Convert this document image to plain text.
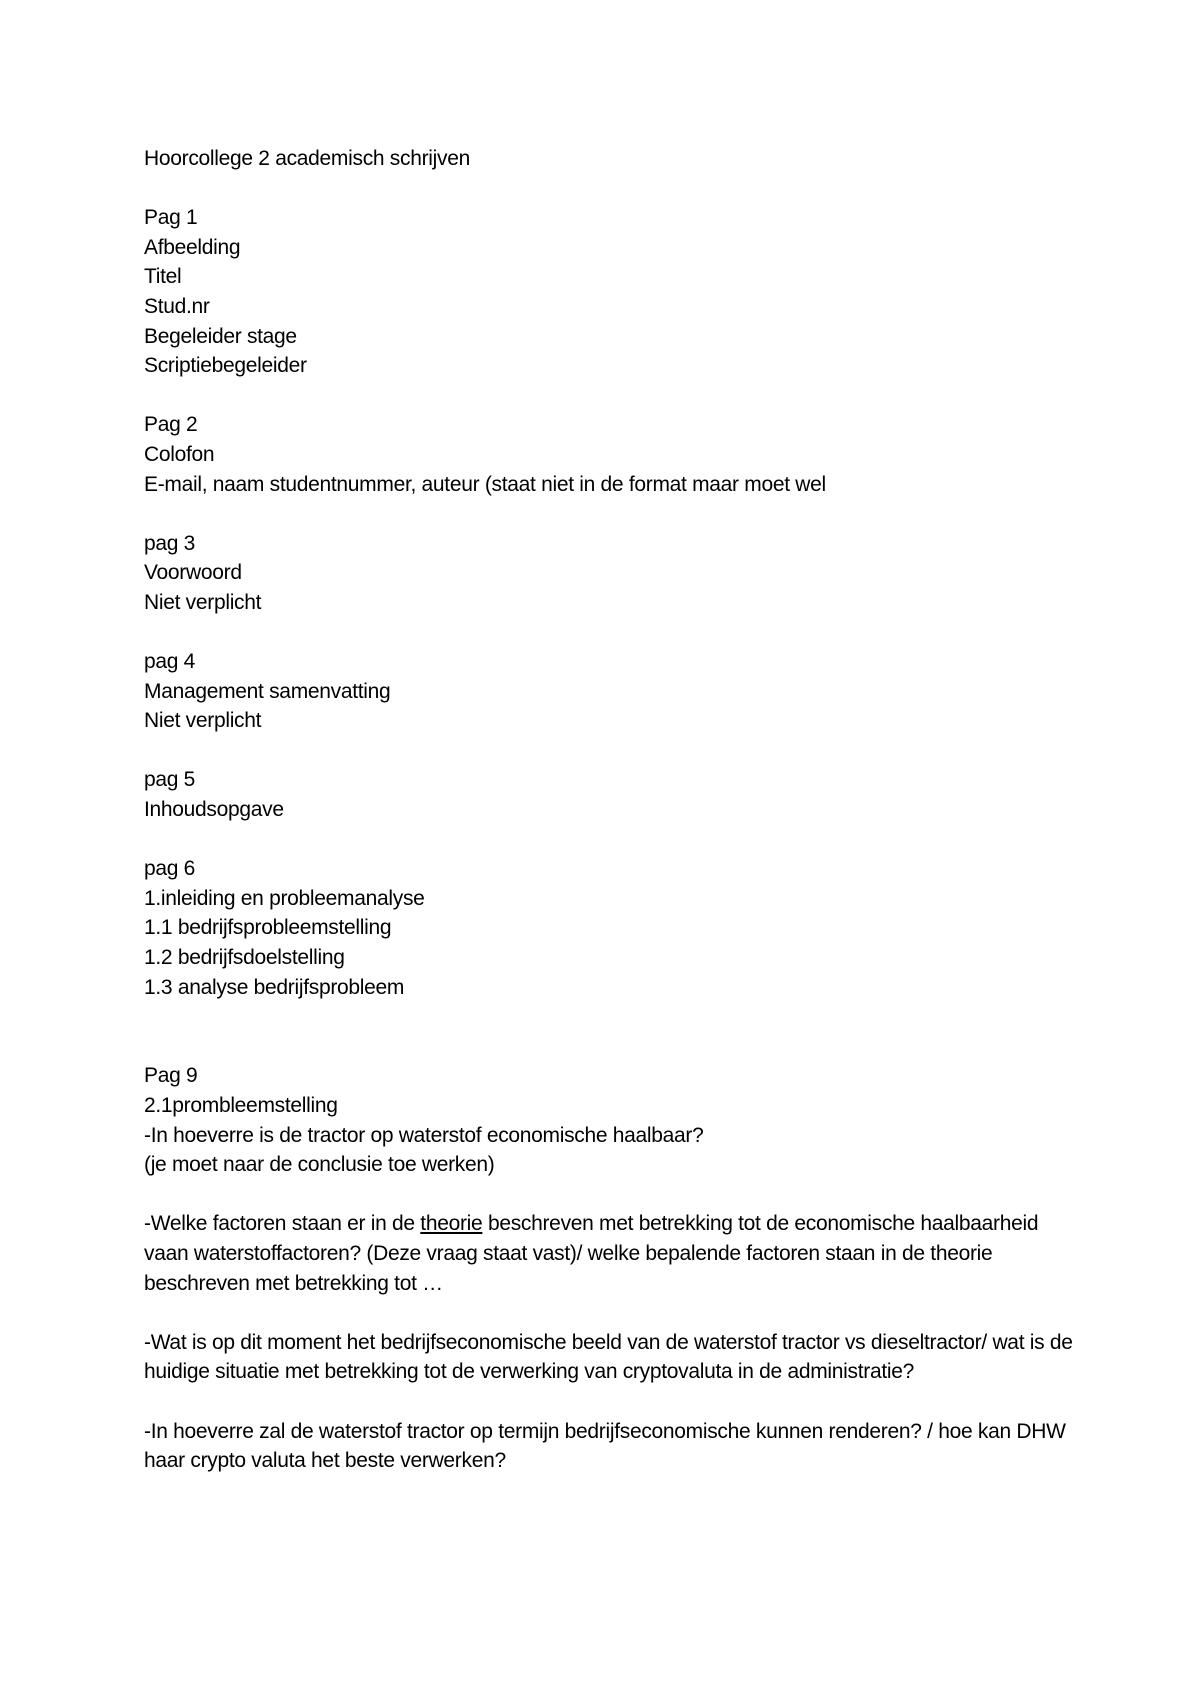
Hoorcollege 2 academisch schrijven
Pag 1
Afbeelding
Titel
Stud.nr
Begeleider stage
Scriptiebegeleider
Pag 2
Colofon
E-mail, naam studentnummer, auteur (staat niet in de format maar moet wel
pag 3
Voorwoord
Niet verplicht
pag 4
Management samenvatting
Niet verplicht
pag 5
Inhoudsopgave
pag 6
1.inleiding en probleemanalyse
1.1 bedrijfsprobleemstelling
1.2 bedrijfsdoelstelling
1.3 analyse bedrijfsprobleem
Pag 9
2.1prombleemstelling
-In hoeverre is de tractor op waterstof economische haalbaar?
(je moet naar de conclusie toe werken)

-Welke factoren staan er in de theorie beschreven met betrekking tot de economische haalbaarheid vaan waterstoffactoren? (Deze vraag staat vast)/ welke bepalende factoren staan in de theorie beschreven met betrekking tot …

-Wat is op dit moment het bedrijfseconomische beeld van de waterstof tractor vs dieseltractor/ wat is de huidige situatie met betrekking tot de verwerking van cryptovaluta in de administratie?

-In hoeverre zal de waterstof tractor op termijn bedrijfseconomische kunnen renderen? / hoe kan DHW haar crypto valuta het beste verwerken?
